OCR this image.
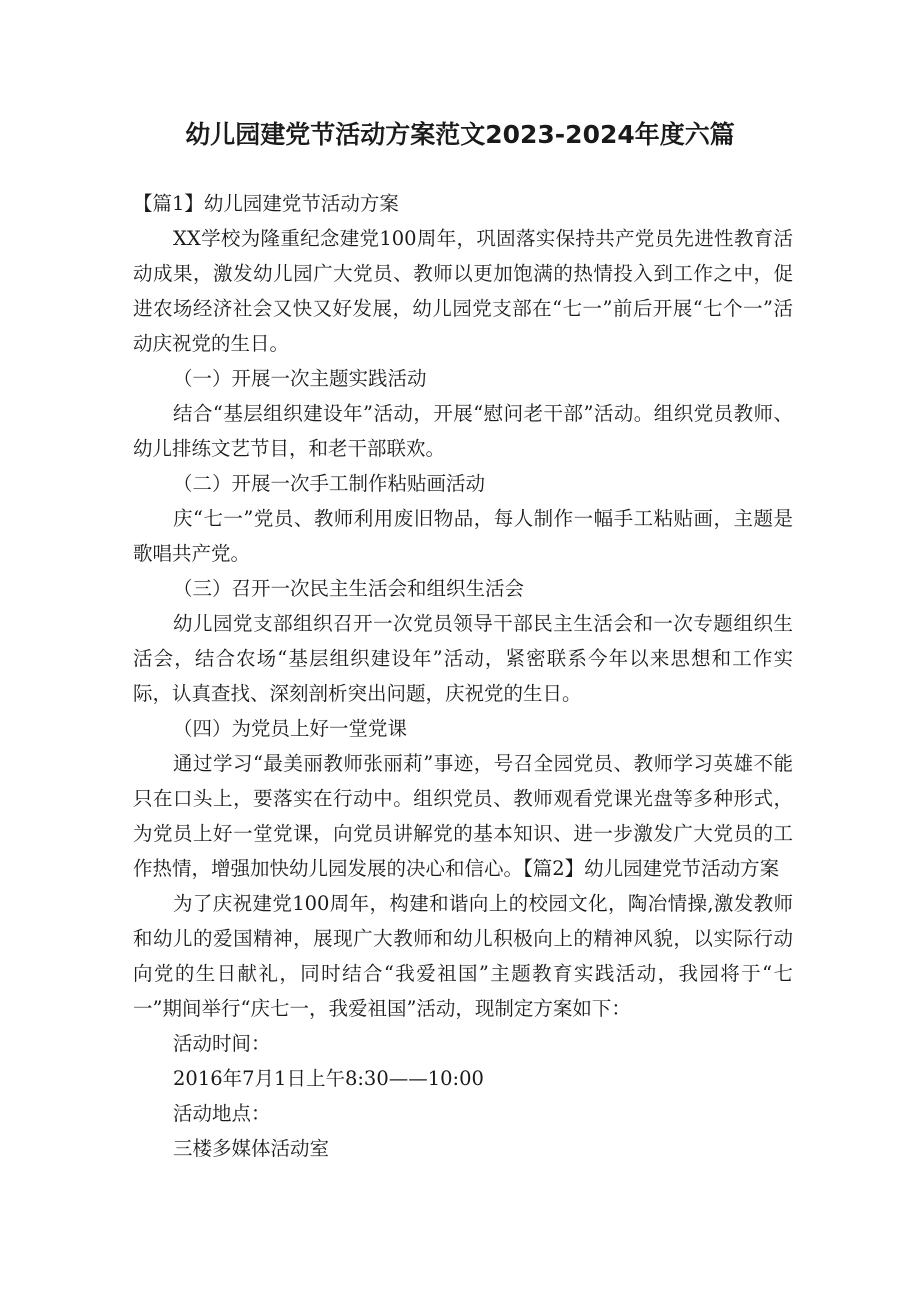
幼儿园建党节活动方案范文2023-2024年度六篇

【篇1】幼儿园建党节活动方案

XX学校为隆重纪念建党100周年，巩固落实保持共产党员先进性教育活动成果，激发幼儿园广大党员、教师以更加饱满的热情投入到工作之中，促进农场经济社会又快又好发展，幼儿园党支部在“七一”前后开展“七个一”活动庆祝党的生日。

（一）开展一次主题实践活动

结合“基层组织建设年”活动，开展“慰问老干部”活动。组织党员教师、幼儿排练文艺节目，和老干部联欢。

（二）开展一次手工制作粘贴画活动

庆“七一”党员、教师利用废旧物品，每人制作一幅手工粘贴画，主题是歌唱共产党。

（三）召开一次民主生活会和组织生活会

幼儿园党支部组织召开一次党员领导干部民主生活会和一次专题组织生活会，结合农场“基层组织建设年”活动，紧密联系今年以来思想和工作实际，认真查找、深刻剖析突出问题，庆祝党的生日。

（四）为党员上好一堂党课

通过学习“最美丽教师张丽莉”事迹，号召全园党员、教师学习英雄不能只在口头上，要落实在行动中。组织党员、教师观看党课光盘等多种形式，为党员上好一堂党课，向党员讲解党的基本知识、进一步激发广大党员的工作热情，增强加快幼儿园发展的决心和信心。【篇2】幼儿园建党节活动方案

为了庆祝建党100周年，构建和谐向上的校园文化，陶冶情操,激发教师和幼儿的爱国精神，展现广大教师和幼儿积极向上的精神风貌，以实际行动向党的生日献礼，同时结合“我爱祖国”主题教育实践活动，我园将于“七一”期间举行“庆七一，我爱祖国”活动，现制定方案如下：

活动时间：

2016年7月1日上午8:30——10:00

活动地点：

三楼多媒体活动室
